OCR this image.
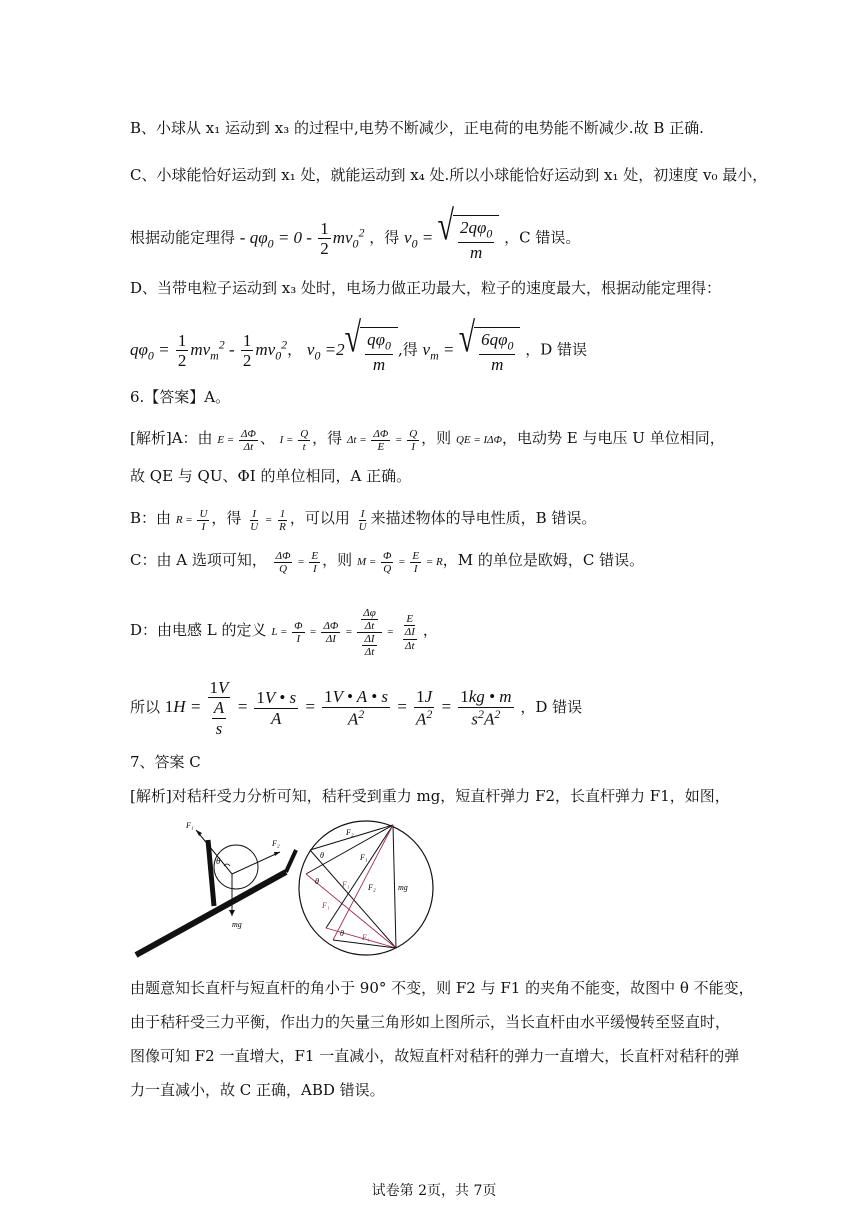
B、小球从 x₁ 运动到 x₃ 的过程中,电势不断减少，正电荷的电势能不断减少.故 B 正确.
C、小球能恰好运动到 x₁ 处，就能运动到 x₄ 处.所以小球能恰好运动到 x₁ 处，初速度 v₀ 最小，
根据动能定理得 - $q\varphi_0 = 0 - \frac{1}{2} mv_0^2$ ，得 $v_0$ = √ $\frac{2q\varphi_0}{m}$ ，C 错误。
D、当带电粒子运动到 x₃ 处时，电场力做正功最大，粒子的速度最大，根据动能定理得：
$q\varphi_0 = \frac{1}{2} mv_m^2 - \frac{1}{2} mv_0^2$， $v_0 =2$ √ $\frac{q\varphi_0}{m}$ ,得 $v_m$ = √ $\frac{6q\varphi_0}{m}$ ，D 错误
6.【答案】A。
[解析]A：由 $E = \frac{\Delta\Phi}{\Delta t}$ 、 $I = \frac{Q}{t}$ ，得 $\Delta t = \frac{\Delta\Phi}{E} = \frac{Q}{I}$ ，则 QE = IΔΦ，电动势 E 与电压 U 单位相同，
故 QE 与 QU、ΦI 的单位相同，A 正确。
B：由 $R = \frac{U}{I}$ ，得 $\frac{I}{U} = \frac{1}{R}$ ，可以用 $\frac{I}{U}$ 来描述物体的导电性质，B 错误。
C：由 A 选项可知， $\frac{\Delta\Phi}{Q} = \frac{E}{I}$ ，则 $M = \frac{\Phi}{Q} = \frac{E}{I} = R$，M 的单位是欧姆，C 错误。
D：由电感 L 的定义 $L = \frac{\Phi}{I} = \frac{\Delta\Phi}{\Delta I} = \frac{\frac{\Delta\varphi}{\Delta t}}{\frac{\Delta I}{\Delta t}} = \frac{E}{\frac{\Delta I}{\Delta t}}$ ，
所以 $1H = \frac{1V}{\frac{A}{s}} = \frac{1V • s}{A} = \frac{1V • A • s}{A^2} = \frac{1J}{A^2} = \frac{1kg • m}{s^2A^2}$ ，D 错误
7、答案 C
[解析]对秸秆受力分析可知，秸秆受到重力 mg，短直杆弹力 F2，长直杆弹力 F1，如图，
F₁
F₂
mg
θ
F₂
F₁
F₂
F₁
F₁
F₁
mg
θ
θ
θ
由题意知长直杆与短直杆的角小于 90° 不变，则 F2 与 F1 的夹角不能变，故图中 θ 不能变，
由于秸秆受三力平衡，作出力的矢量三角形如上图所示，当长直杆由水平缓慢转至竖直时，
图像可知 F2 一直增大，F1 一直减小，故短直杆对秸秆的弹力一直增大，长直杆对秸秆的弹
力一直减小，故 C 正确，ABD 错误。
试卷第 2页，共 7页
